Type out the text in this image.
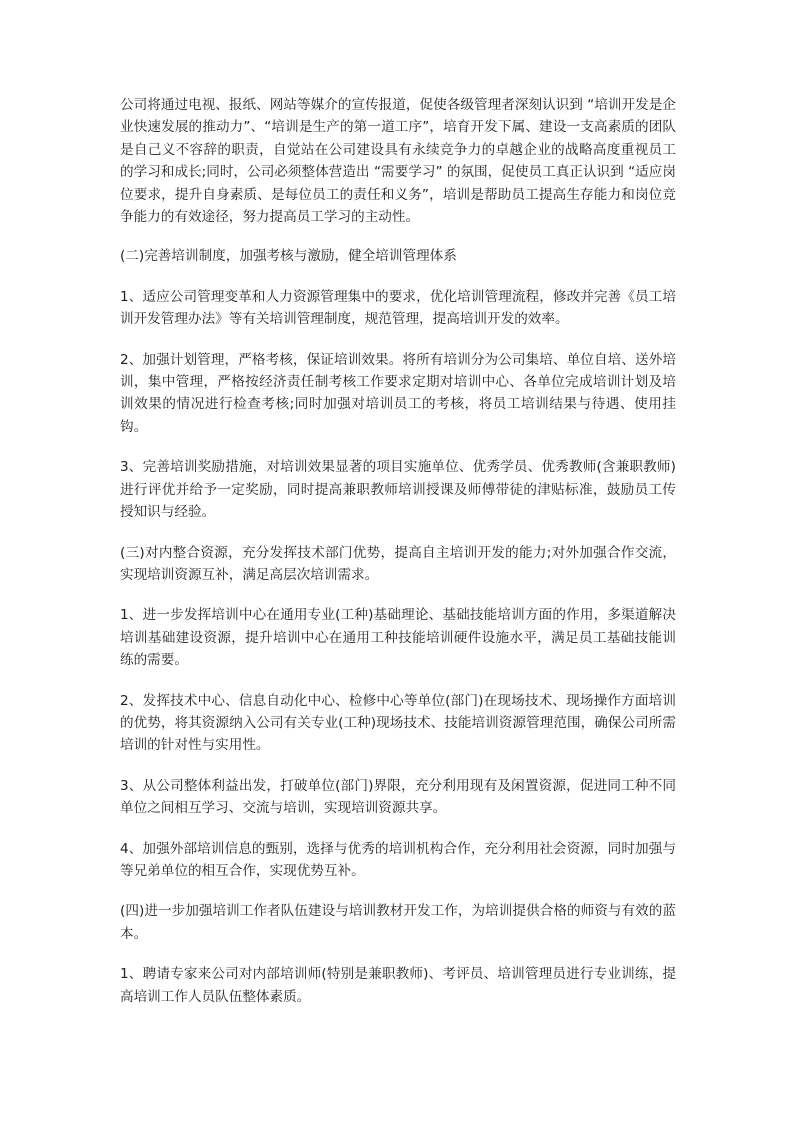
公司将通过电视、报纸、网站等媒介的宣传报道，促使各级管理者深刻认识到 “培训开发是企业快速发展的推动力”、“培训是生产的第一道工序”，培育开发下属、建设一支高素质的团队是自己义不容辞的职责，自觉站在公司建设具有永续竞争力的卓越企业的战略高度重视员工的学习和成长;同时，公司必须整体营造出 “需要学习” 的氛围，促使员工真正认识到 “适应岗位要求，提升自身素质、是每位员工的责任和义务”，培训是帮助员工提高生存能力和岗位竞争能力的有效途径，努力提高员工学习的主动性。

(二)完善培训制度，加强考核与激励，健全培训管理体系

1、适应公司管理变革和人力资源管理集中的要求，优化培训管理流程，修改并完善《员工培训开发管理办法》等有关培训管理制度，规范管理，提高培训开发的效率。

2、加强计划管理，严格考核，保证培训效果。将所有培训分为公司集培、单位自培、送外培训，集中管理，严格按经济责任制考核工作要求定期对培训中心、各单位完成培训计划及培训效果的情况进行检查考核;同时加强对培训员工的考核，将员工培训结果与待遇、使用挂钩。

3、完善培训奖励措施，对培训效果显著的项目实施单位、优秀学员、优秀教师(含兼职教师)进行评优并给予一定奖励，同时提高兼职教师培训授课及师傅带徒的津贴标准，鼓励员工传授知识与经验。

(三)对内整合资源，充分发挥技术部门优势，提高自主培训开发的能力;对外加强合作交流，实现培训资源互补，满足高层次培训需求。

1、进一步发挥培训中心在通用专业(工种)基础理论、基础技能培训方面的作用，多渠道解决培训基础建设资源，提升培训中心在通用工种技能培训硬件设施水平，满足员工基础技能训练的需要。

2、发挥技术中心、信息自动化中心、检修中心等单位(部门)在现场技术、现场操作方面培训的优势，将其资源纳入公司有关专业(工种)现场技术、技能培训资源管理范围，确保公司所需培训的针对性与实用性。

3、从公司整体利益出发，打破单位(部门)界限，充分利用现有及闲置资源，促进同工种不同单位之间相互学习、交流与培训，实现培训资源共享。

4、加强外部培训信息的甄别，选择与优秀的培训机构合作，充分利用社会资源，同时加强与等兄弟单位的相互合作，实现优势互补。

(四)进一步加强培训工作者队伍建设与培训教材开发工作，为培训提供合格的师资与有效的蓝本。

1、聘请专家来公司对内部培训师(特别是兼职教师)、考评员、培训管理员进行专业训练，提高培训工作人员队伍整体素质。
